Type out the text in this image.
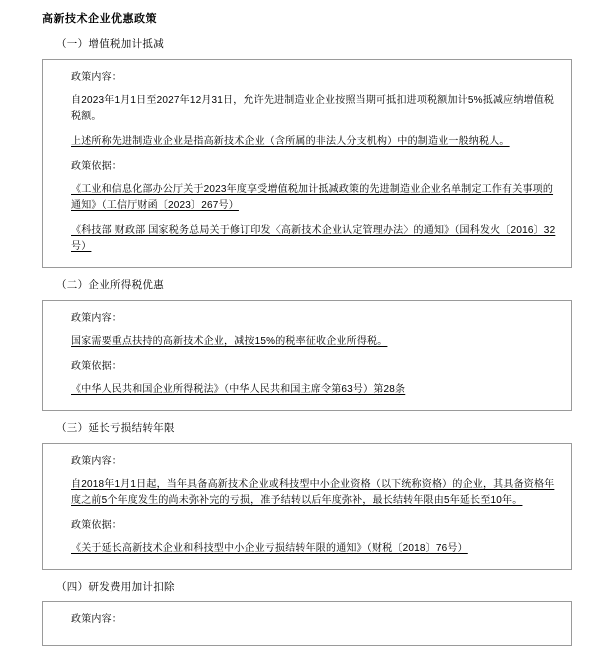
高新技术企业优惠政策
（一）增值税加计抵减
政策内容：
自2023年1月1日至2027年12月31日，允许先进制造业企业按照当期可抵扣进项税额加计5%抵减应纳增值税税额。
上述所称先进制造业企业是指高新技术企业（含所属的非法人分支机构）中的制造业一般纳税人。
政策依据：
《工业和信息化部办公厅关于2023年度享受增值税加计抵减政策的先进制造业企业名单制定工作有关事项的通知》（工信厅财函〔2023〕267号）
《科技部 财政部 国家税务总局关于修订印发〈高新技术企业认定管理办法〉的通知》（国科发火〔2016〕32号）
（二）企业所得税优惠
政策内容：
国家需要重点扶持的高新技术企业，减按15%的税率征收企业所得税。
政策依据：
《中华人民共和国企业所得税法》（中华人民共和国主席令第63号）第28条
（三）延长亏损结转年限
政策内容：
自2018年1月1日起，当年具备高新技术企业或科技型中小企业资格（以下统称资格）的企业，其具备资格年度之前5个年度发生的尚未弥补完的亏损，准予结转以后年度弥补，最长结转年限由5年延长至10年。
政策依据：
《关于延长高新技术企业和科技型中小企业亏损结转年限的通知》（财税〔2018〕76号）
（四）研发费用加计扣除
政策内容：
